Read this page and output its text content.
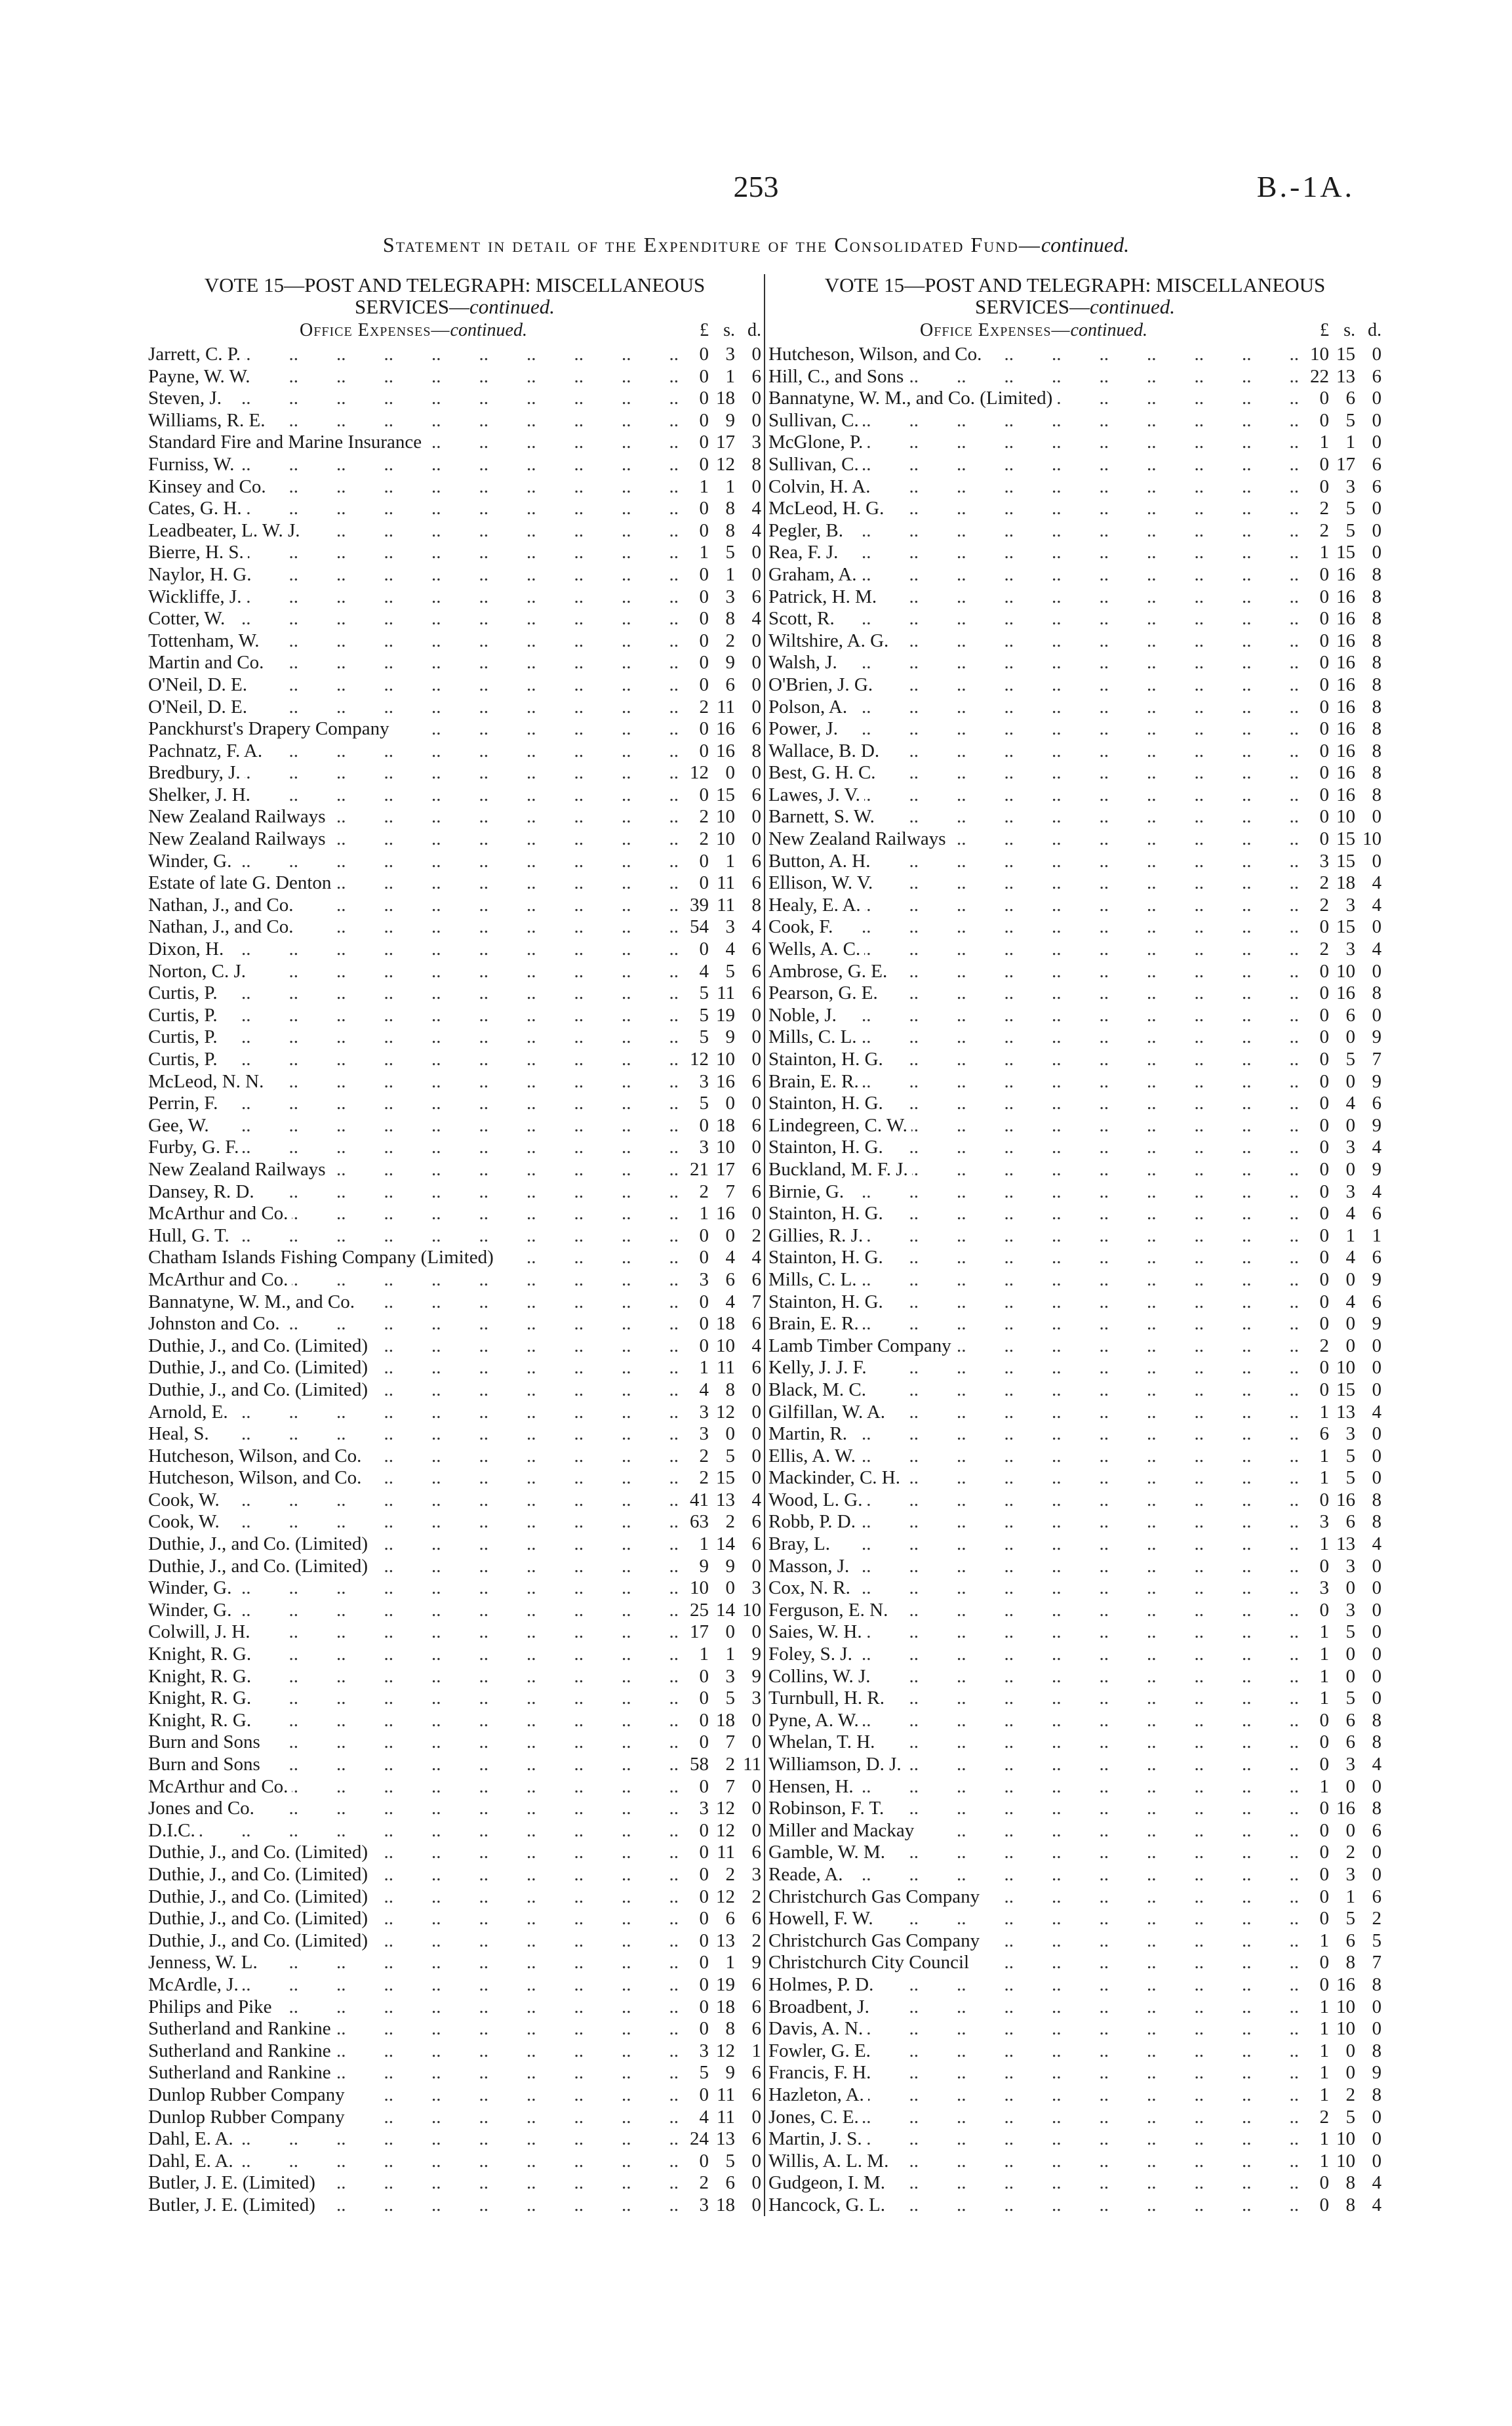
253	B.-1A.
Statement in detail of the Expenditure of the Consolidated Fund—continued.
VOTE 15—POST AND TELEGRAPH: MISCELLANEOUS
SERVICES—continued.
Office Expenses—continued.	£ s. d.
Jarrett, C. P. ..	0 3 0
Payne, W. W. ..	0 1 6
Steven, J. ..	0 18 0
Williams, R. E. ..	0 9 0
Standard Fire and Marine Insurance ..	0 17 3
Furniss, W. ..	0 12 8
Kinsey and Co. ..	1 1 0
Cates, G. H. ..	0 8 4
Leadbeater, L. W. J. ..	0 8 4
Bierre, H. S. ..	1 5 0
Naylor, H. G. ..	0 1 0
Wickliffe, J. ..	0 3 6
Cotter, W. ..	0 8 4
Tottenham, W. ..	0 2 0
Martin and Co. ..	0 9 0
O'Neil, D. E. ..	0 6 0
O'Neil, D. E. ..	2 11 0
Panckhurst's Drapery Company ..	0 16 6
Pachnatz, F. A. ..	0 16 8
Bredbury, J. ..	12 0 0
Shelker, J. H. ..	0 15 6
New Zealand Railways ..	2 10 0
New Zealand Railways ..	2 10 0
Winder, G. ..	0 1 6
Estate of late G. Denton ..	0 11 6
Nathan, J., and Co. ..	39 11 8
Nathan, J., and Co. ..	54 3 4
Dixon, H. ..	0 4 6
Norton, C. J. ..	4 5 6
Curtis, P. ..	5 11 6
Curtis, P. ..	5 19 0
Curtis, P. ..	5 9 0
Curtis, P. ..	12 10 0
McLeod, N. N. ..	3 16 6
Perrin, F. ..	5 0 0
Gee, W. ..	0 18 6
Furby, G. F. ..	3 10 0
New Zealand Railways ..	21 17 6
Dansey, R. D. ..	2 7 6
McArthur and Co. ..	1 16 0
Hull, G. T. ..	0 0 2
Chatham Islands Fishing Company (Limited) ..	0 4 4
McArthur and Co. ..	3 6 6
Bannatyne, W. M., and Co. ..	0 4 7
Johnston and Co. ..	0 18 6
Duthie, J., and Co. (Limited) ..	0 10 4
Duthie, J., and Co. (Limited) ..	1 11 6
Duthie, J., and Co. (Limited) ..	4 8 0
Arnold, E. ..	3 12 0
Heal, S. ..	3 0 0
Hutcheson, Wilson, and Co. ..	2 5 0
Hutcheson, Wilson, and Co. ..	2 15 0
Cook, W. ..	41 13 4
Cook, W. ..	63 2 6
Duthie, J., and Co. (Limited) ..	1 14 6
Duthie, J., and Co. (Limited) ..	9 9 0
Winder, G. ..	10 0 3
Winder, G. ..	25 14 10
Colwill, J. H. ..	17 0 0
Knight, R. G. ..	1 1 9
Knight, R. G. ..	0 3 9
Knight, R. G. ..	0 5 3
Knight, R. G. ..	0 18 0
Burn and Sons ..	0 7 0
Burn and Sons ..	58 2 11
McArthur and Co. ..	0 7 0
Jones and Co. ..	3 12 0
D.I.C. ..	0 12 0
Duthie, J., and Co. (Limited) ..	0 11 6
Duthie, J., and Co. (Limited) ..	0 2 3
Duthie, J., and Co. (Limited) ..	0 12 2
Duthie, J., and Co. (Limited) ..	0 6 6
Duthie, J., and Co. (Limited) ..	0 13 2
Jenness, W. L. ..	0 1 9
McArdle, J. ..	0 19 6
Philips and Pike ..	0 18 6
Sutherland and Rankine ..	0 8 6
Sutherland and Rankine ..	3 12 1
Sutherland and Rankine ..	5 9 6
Dunlop Rubber Company ..	0 11 6
Dunlop Rubber Company ..	4 11 0
Dahl, E. A. ..	24 13 6
Dahl, E. A. ..	0 5 0
Butler, J. E. (Limited) ..	2 6 0
Butler, J. E. (Limited) ..	3 18 0
VOTE 15—POST AND TELEGRAPH: MISCELLANEOUS
SERVICES—continued.
Office Expenses—continued.	£ s. d.
Hutcheson, Wilson, and Co. ..	10 15 0
Hill, C., and Sons ..	22 13 6
Bannatyne, W. M., and Co. (Limited) ..	0 6 0
Sullivan, C. ..	0 5 0
McGlone, P. ..	1 1 0
Sullivan, C. ..	0 17 6
Colvin, H. A. ..	0 3 6
McLeod, H. G. ..	2 5 0
Pegler, B. ..	2 5 0
Rea, F. J. ..	1 15 0
Graham, A. ..	0 16 8
Patrick, H. M. ..	0 16 8
Scott, R. ..	0 16 8
Wiltshire, A. G. ..	0 16 8
Walsh, J. ..	0 16 8
O'Brien, J. G. ..	0 16 8
Polson, A. ..	0 16 8
Power, J. ..	0 16 8
Wallace, B. D. ..	0 16 8
Best, G. H. C. ..	0 16 8
Lawes, J. V. ..	0 16 8
Barnett, S. W. ..	0 10 0
New Zealand Railways ..	0 15 10
Button, A. H. ..	3 15 0
Ellison, W. V. ..	2 18 4
Healy, E. A. ..	2 3 4
Cook, F. ..	0 15 0
Wells, A. C. ..	2 3 4
Ambrose, G. E. ..	0 10 0
Pearson, G. E. ..	0 16 8
Noble, J. ..	0 6 0
Mills, C. L. ..	0 0 9
Stainton, H. G. ..	0 5 7
Brain, E. R. ..	0 0 9
Stainton, H. G. ..	0 4 6
Lindegreen, C. W. ..	0 0 9
Stainton, H. G. ..	0 3 4
Buckland, M. F. J. ..	0 0 9
Birnie, G. ..	0 3 4
Stainton, H. G. ..	0 4 6
Gillies, R. J. ..	0 1 1
Stainton, H. G. ..	0 4 6
Mills, C. L. ..	0 0 9
Stainton, H. G. ..	0 4 6
Brain, E. R. ..	0 0 9
Lamb Timber Company ..	2 0 0
Kelly, J. J. F. ..	0 10 0
Black, M. C. ..	0 15 0
Gilfillan, W. A. ..	1 13 4
Martin, R. ..	6 3 0
Ellis, A. W. ..	1 5 0
Mackinder, C. H. ..	1 5 0
Wood, L. G. ..	0 16 8
Robb, P. D. ..	3 6 8
Bray, L. ..	1 13 4
Masson, J. ..	0 3 0
Cox, N. R. ..	3 0 0
Ferguson, E. N. ..	0 3 0
Saies, W. H. ..	1 5 0
Foley, S. J. ..	1 0 0
Collins, W. J. ..	1 0 0
Turnbull, H. R. ..	1 5 0
Pyne, A. W. ..	0 6 8
Whelan, T. H. ..	0 6 8
Williamson, D. J. ..	0 3 4
Hensen, H. ..	1 0 0
Robinson, F. T. ..	0 16 8
Miller and Mackay ..	0 0 6
Gamble, W. M. ..	0 2 0
Reade, A. ..	0 3 0
Christchurch Gas Company ..	0 1 6
Howell, F. W. ..	0 5 2
Christchurch Gas Company ..	1 6 5
Christchurch City Council ..	0 8 7
Holmes, P. D. ..	0 16 8
Broadbent, J. ..	1 10 0
Davis, A. N. ..	1 10 0
Fowler, G. E. ..	1 0 8
Francis, F. H. ..	1 0 9
Hazleton, A. ..	1 2 8
Jones, C. E. ..	2 5 0
Martin, J. S. ..	1 10 0
Willis, A. L. M. ..	1 10 0
Gudgeon, I. M. ..	0 8 4
Hancock, G. L. ..	0 8 4
